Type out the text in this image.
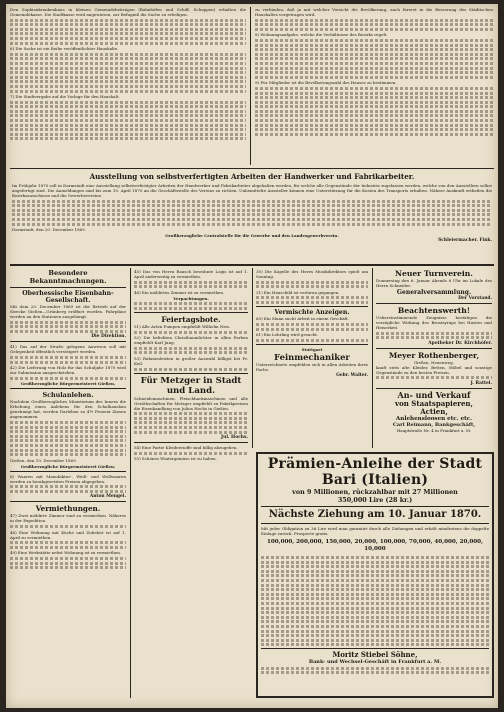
Den Sophienkrankenhaus in kleinen Gemeindebeiträgen (Bahnhöfen und Schiff, Schuppen) erhalten die Gemeindekasse. Die Stadtkasse wird angewiesen, zur Befugniß die Sache zu erledigen.

6) Die Sache ist ein Reihe veröffentlichter Haushalte.

7) Die Stadtvergabe auf die Vorlage für den Haushalt.

zu verbinden, daß ja mit welcher Vorsicht die Bevölkerung, auch fürerst in die Besserung des Städtischen Haushaltes vorgetragen wird.

8) Wohnungsaufgabe, welche die Verhältnisse des Bezirks regelt.

9) Für Mitglieder ist die Bevölkerungszahl des Hauses zu bestimmen.

Ausstellung von selbstverfertigten Arbeiten der Handwerker und Fabrikarbeiter.

Im Frühjahr 1870 soll in Darmstadt eine Ausstellung selbstverfertigter Arbeiten der Handwerker und Fabrikarbeiter abgehalten werden, für welche alle Gegenstände der Industrie zugelassen werden, welche von den Ausstellern selbst angefertigt sind. Die Anmeldungen sind bis zum 15. April 1870 an die Geschäftsstelle des Vereins zu richten. Unbemittelte Aussteller können eine Unterstützung für die Kosten des Transports erhalten. Nähere Auskunft ertheilen die Bezirksausschüsse und die Gewerbevereine.

Darmstadt, den 20. December 1869.

Großherzogliche Centralstelle für die Gewerbe und den Landesgewerbverein.
Schleiermacher. Fink.
Besondere Bekanntmachungen.
Oberhessische Eisenbahn-Gesellschaft.

Mit dem 20. December 1869 ist der Betrieb auf der Strecke Gießen—Grünberg eröffnet worden. Fahrpläne werden an den Stationen ausgehängt.

Die Direktion.

41) Das auf der Straße gelegene Anwesen soll mit Gelegenheit öffentlich versteigert werden.

42) Die Lieferung von Holz für das Schuljahr 1870 wird zur Submission ausgeschrieben.

Großherzogliche Bürgermeisterei Gießen.
Schulanlehen.

Nachdem Großherzogliches Ministerium des Innern die Erhebung eines Anlehens für den Schulhausbau genehmigt hat, werden Darlehen zu 4½ Prozent Zinsen angenommen.

Gießen, den 10. December 1869.

Großherzogliche Bürgermeisterei Gießen.

6) Waaren mit Manufaktur-, Weiß- und Wollwaaren werden zu herabgesetzten Preisen abgegeben.

Anton Mengel.
Vermiethungen.

47) Zwei möblirte Zimmer sind zu vermiethen. Näheres in der Expedition.

48) Eine Wohnung mit Küche und Zubehör ist auf 1. April zu vermiethen.

49) Eine Werkstätte nebst Wohnung ist zu vermiethen.

45) Das von Herrn Rausch bewohnte Logis ist auf 1. April anderweitig zu vermiethen.

46) Ein möblirtes Zimmer ist zu vermiethen.

Verpachtungen.
Feiertagsbote.

51) Alle Arten Pumpen empfiehlt Wilhelm Nies.

52) Die beliebten Christbaumlichter in allen Farben empfiehlt Karl Jung.

53) Rahmenleisten in großer Auswahl billigst bei Fr. Keil.

Für Metzger in Stadt und Land.

Schneidemaschinen, Fleischhackmaschinen und alle Geräthschaften für Metzger empfiehlt zu Fabrikpreisen die Eisenhandlung von Julius Hochs in Gießen.

Jul. Hochs.

54) Eine Partie Kleiderstoffe sind billig abzugeben.

55) Schönes Wintergemüse ist zu haben.

30) Die Kapelle des Herrn Musikdirektors spielt am Sonntag.

31) Ein Hauschild ist verloren gegangen.

Vermischte Anzeigen.

60) Ein Mann sucht Arbeit in einem Geschäft.

61) Ein Lehrling wird gesucht.

Stuttgart
Feinmechaniker

Unterzeichnete empfehlen sich in allen Arbeiten ihres Fachs.

Gebr. Walter.
Neuer Turnverein.

Donnerstag den 6. Januar Abends 8 Uhr im Lokale des Herrn Schneider.

Generalversammlung.
Der Vorstand.
Beachtenswerth!

Uebereinstimmende Zeugnisse bestätigen die vorzügliche Wirkung des Brustsyrups bei Husten und Heiserkeit.

Apotheker Dr. Kirchhöfer.
Meyer Rothenberger,
Gießen, Neuenweg,

kauft stets alte Kleider, Betten, Möbel und sonstige Gegenstände zu den besten Preisen.

J. Rattel.
An- und Verkauf
von Staatspapieren,
Actien,
Anlehensloosen etc. etc.
Carl Reimann, Bankgeschäft,
Hauptstraße Nr. 4 in Frankfurt a. M.
Prämien-Anleihe der Stadt Bari (Italien)
von 9 Millionen, rückzahlbar mit 27 Millionen
350,000 Lire (28 kr.)
Nächste Ziehung am 10. Januar 1870.

Mit jeder Obligation zu 36 Lire wird man garantirt durch alle Ziehungen und erhält mindestens die doppelte Einlage zurück. Prospecte gratis.

100,000, 200,000, 150,000, 20,000, 100,000, 70,000, 40,000, 20,000, 10,000
Moritz Stiebel Söhne,
Bank- und Wechsel-Geschäft in Frankfurt a. M.
